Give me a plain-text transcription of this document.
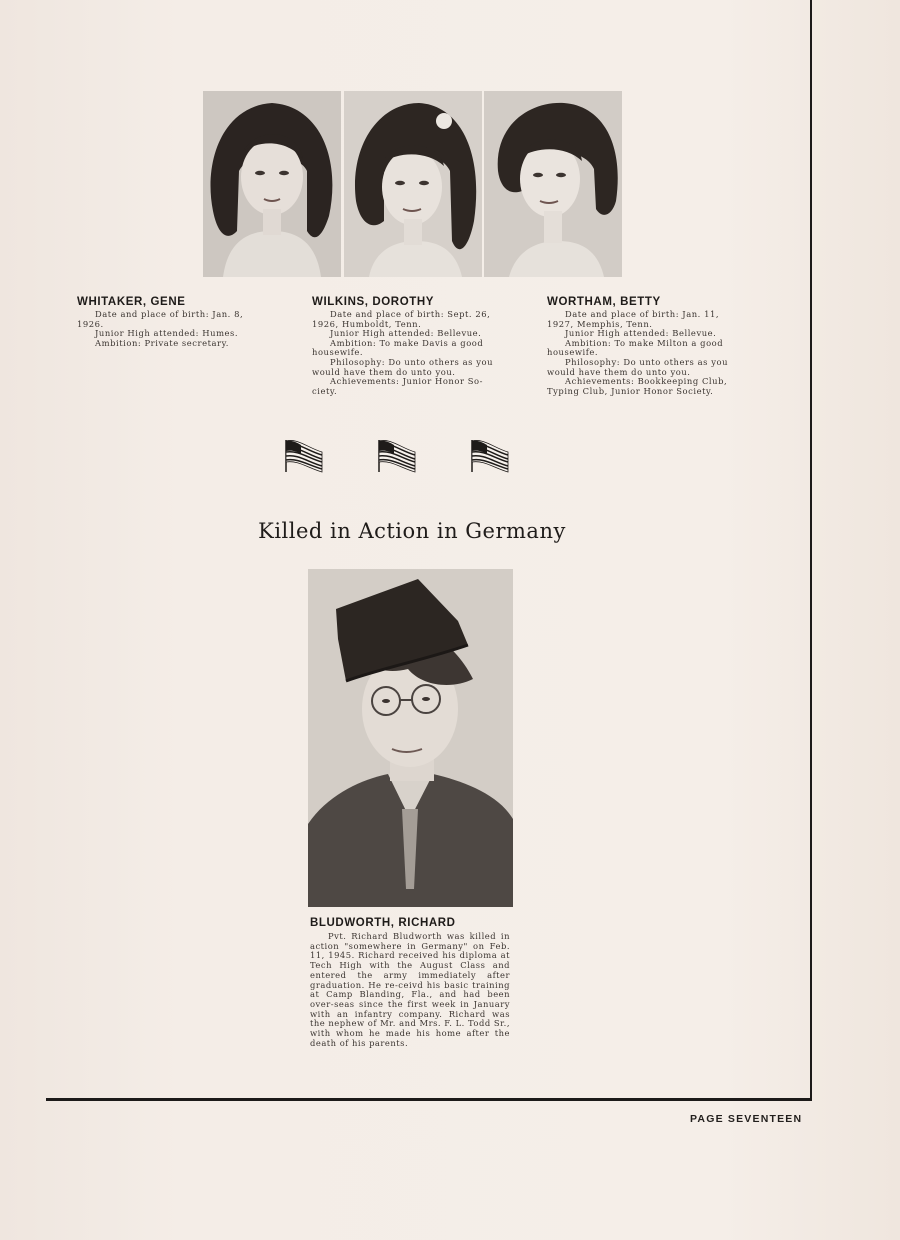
WHITAKER, GENE
Date and place of birth: Jan. 8,
1926.
Junior High attended: Humes.
Ambition: Private secretary.
WILKINS, DOROTHY
Date and place of birth: Sept. 26,
1926, Humboldt, Tenn.
Junior High attended: Bellevue.
Ambition: To make Davis a good
housewife.
Philosophy: Do unto others as you
would have them do unto you.
Achievements: Junior Honor So-
ciety.
WORTHAM, BETTY
Date and place of birth: Jan. 11,
1927, Memphis, Tenn.
Junior High attended: Bellevue.
Ambition: To make Milton a good
housewife.
Philosophy: Do unto others as you
would have them do unto you.
Achievements: Bookkeeping Club,
Typing Club, Junior Honor Society.
Killed in Action in Germany
BLUDWORTH, RICHARD
Pvt. Richard Bludworth was killed in action "somewhere in Germany" on Feb. 11, 1945. Richard received his diploma at Tech High with the August Class and entered the army immediately after graduation. He re-ceivd his basic training at Camp Blanding, Fla., and had been over-seas since the first week in January with an infantry company. Richard was the nephew of Mr. and Mrs. F. L. Todd Sr., with whom he made his home after the death of his parents.
PAGE SEVENTEEN
